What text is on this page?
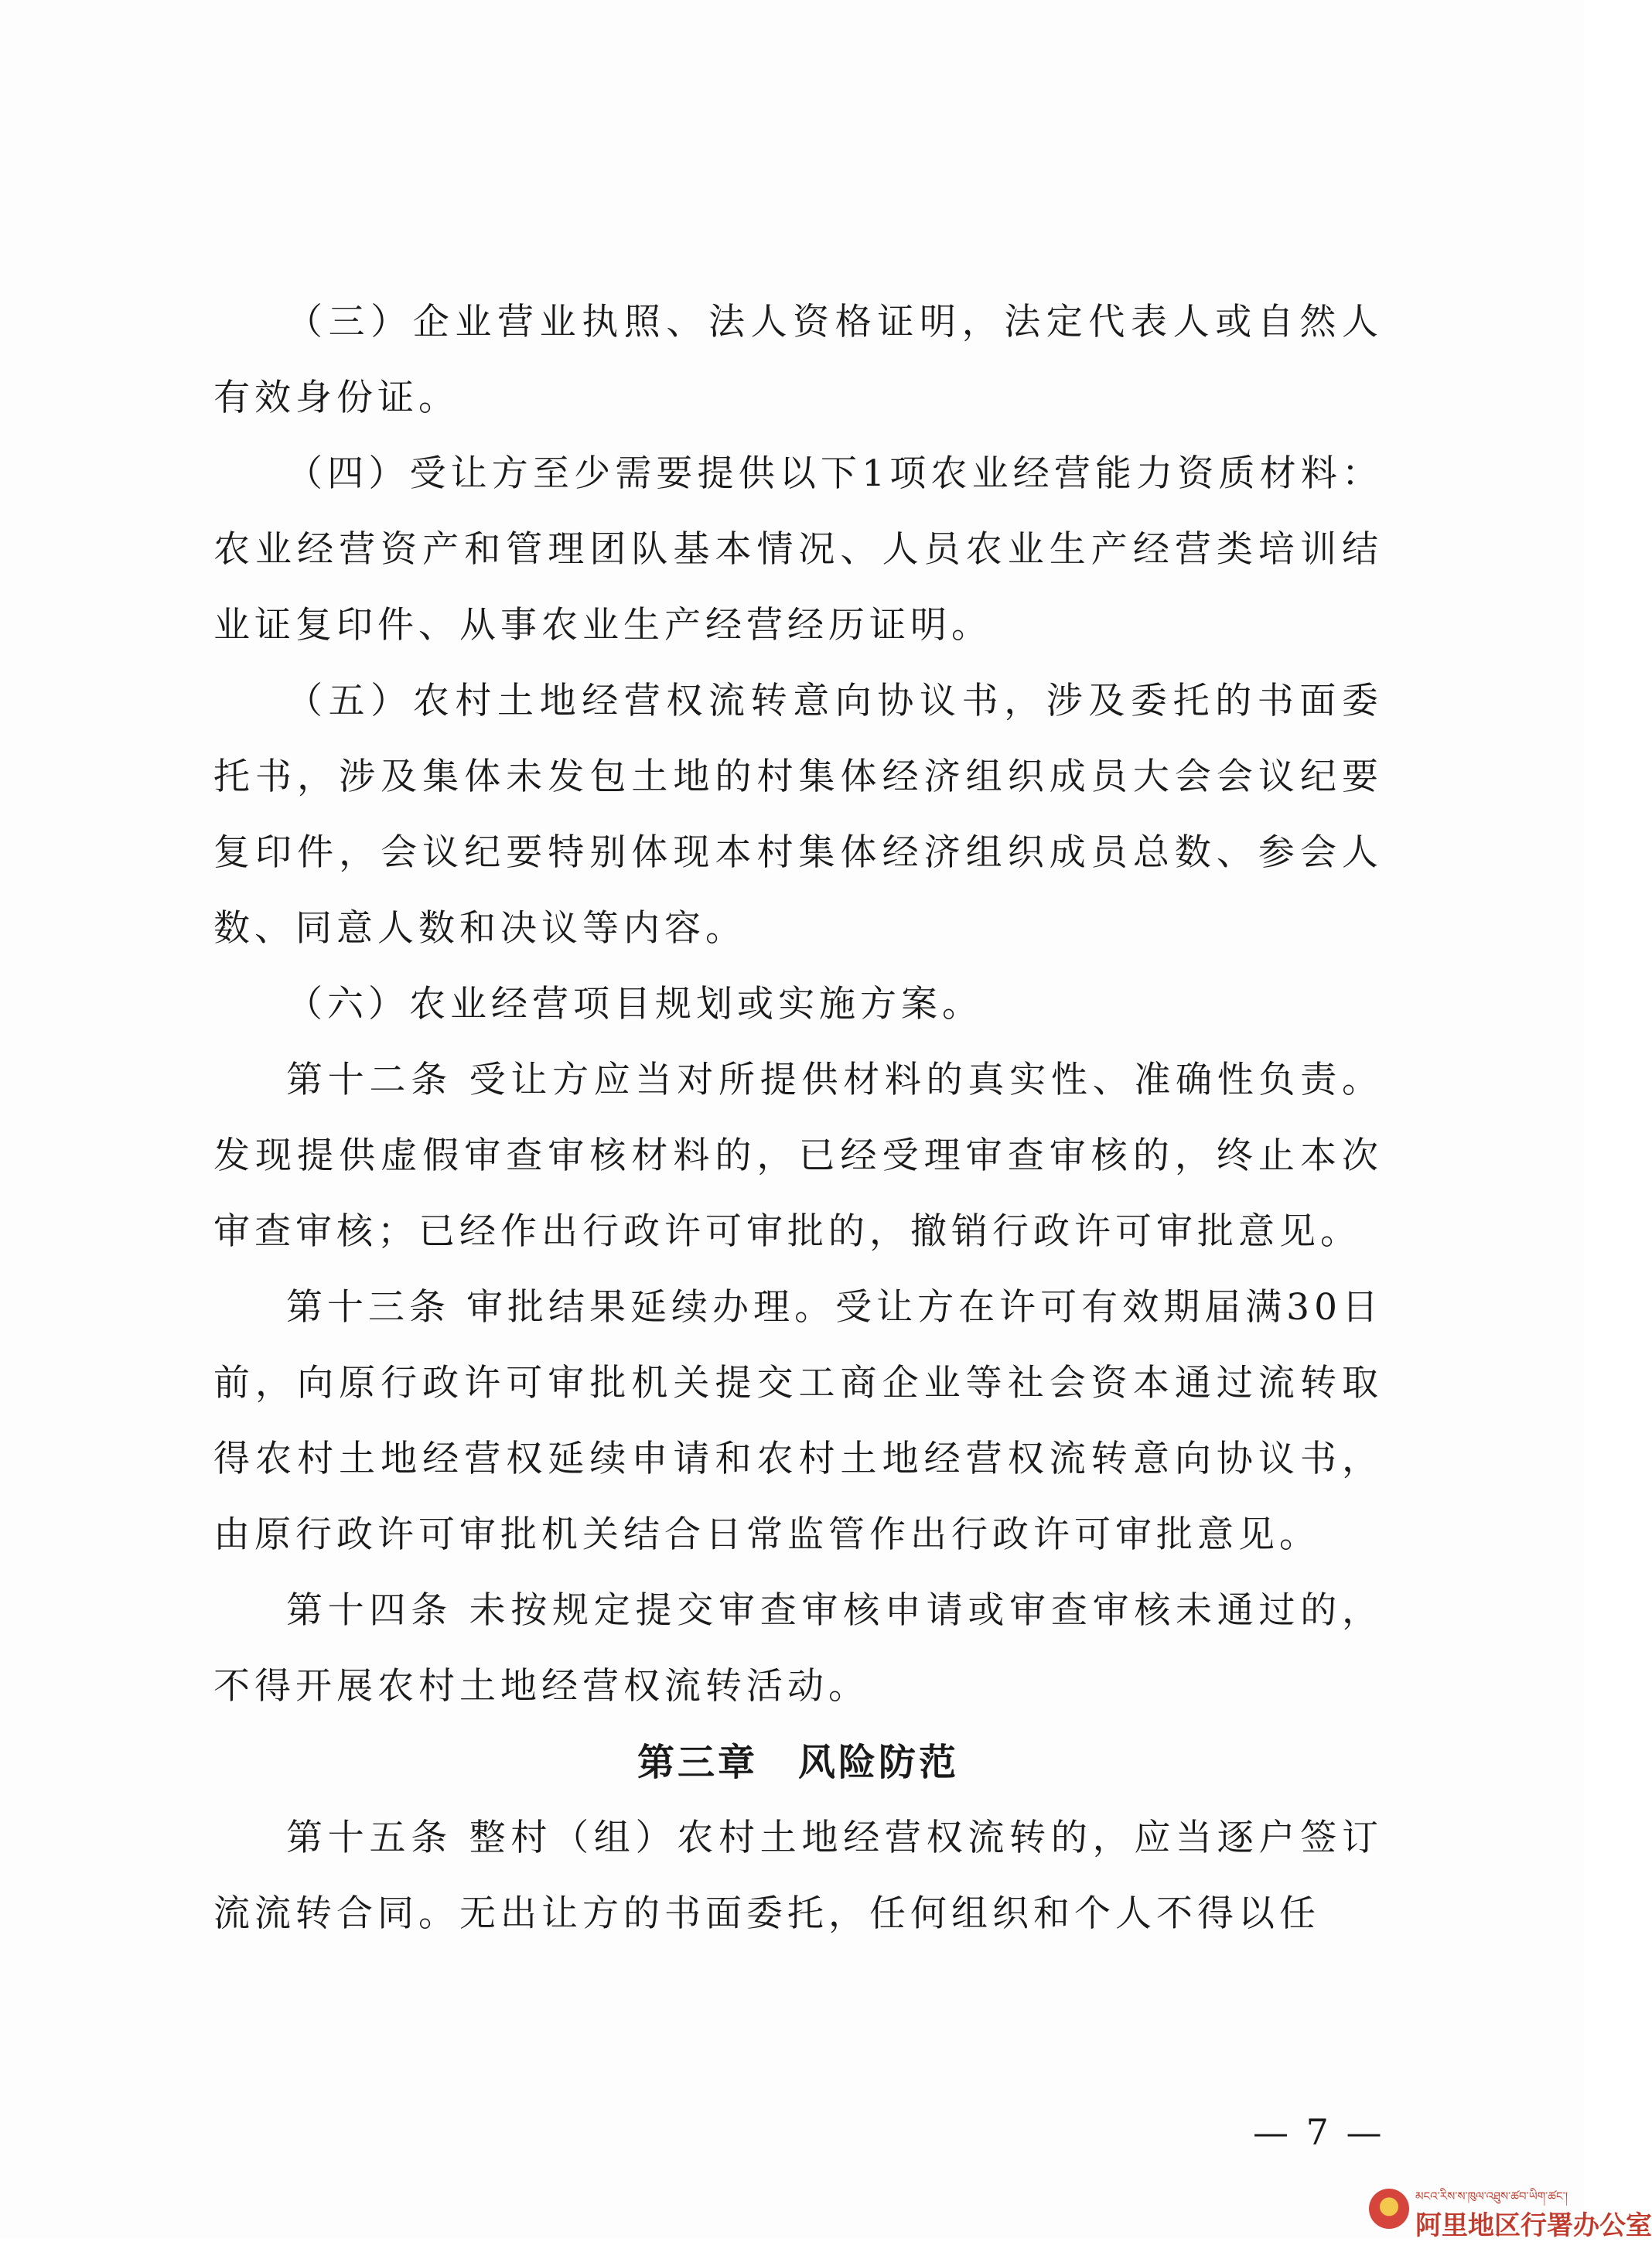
（三）企业营业执照、法人资格证明，法定代表人或自然人有效身份证。

（四）受让方至少需要提供以下1项农业经营能力资质材料：农业经营资产和管理团队基本情况、人员农业生产经营类培训结业证复印件、从事农业生产经营经历证明。

（五）农村土地经营权流转意向协议书，涉及委托的书面委托书，涉及集体未发包土地的村集体经济组织成员大会会议纪要复印件，会议纪要特别体现本村集体经济组织成员总数、参会人数、同意人数和决议等内容。

（六）农业经营项目规划或实施方案。

第十二条 受让方应当对所提供材料的真实性、准确性负责。发现提供虚假审查审核材料的，已经受理审查审核的，终止本次审查审核；已经作出行政许可审批的，撤销行政许可审批意见。

第十三条 审批结果延续办理。受让方在许可有效期届满30日前，向原行政许可审批机关提交工商企业等社会资本通过流转取得农村土地经营权延续申请和农村土地经营权流转意向协议书，由原行政许可审批机关结合日常监管作出行政许可审批意见。

第十四条 未按规定提交审查审核申请或审查审核未通过的，不得开展农村土地经营权流转活动。

第三章　风险防范

第十五条 整村（组）农村土地经营权流转的，应当逐户签订流流转合同。无出让方的书面委托，任何组织和个人不得以任

— 7 —
མངའ་རིས་ས་ཁུལ་འཐུས་ཚབ་ཡིག་ཚང་།
阿里地区行署办公室
